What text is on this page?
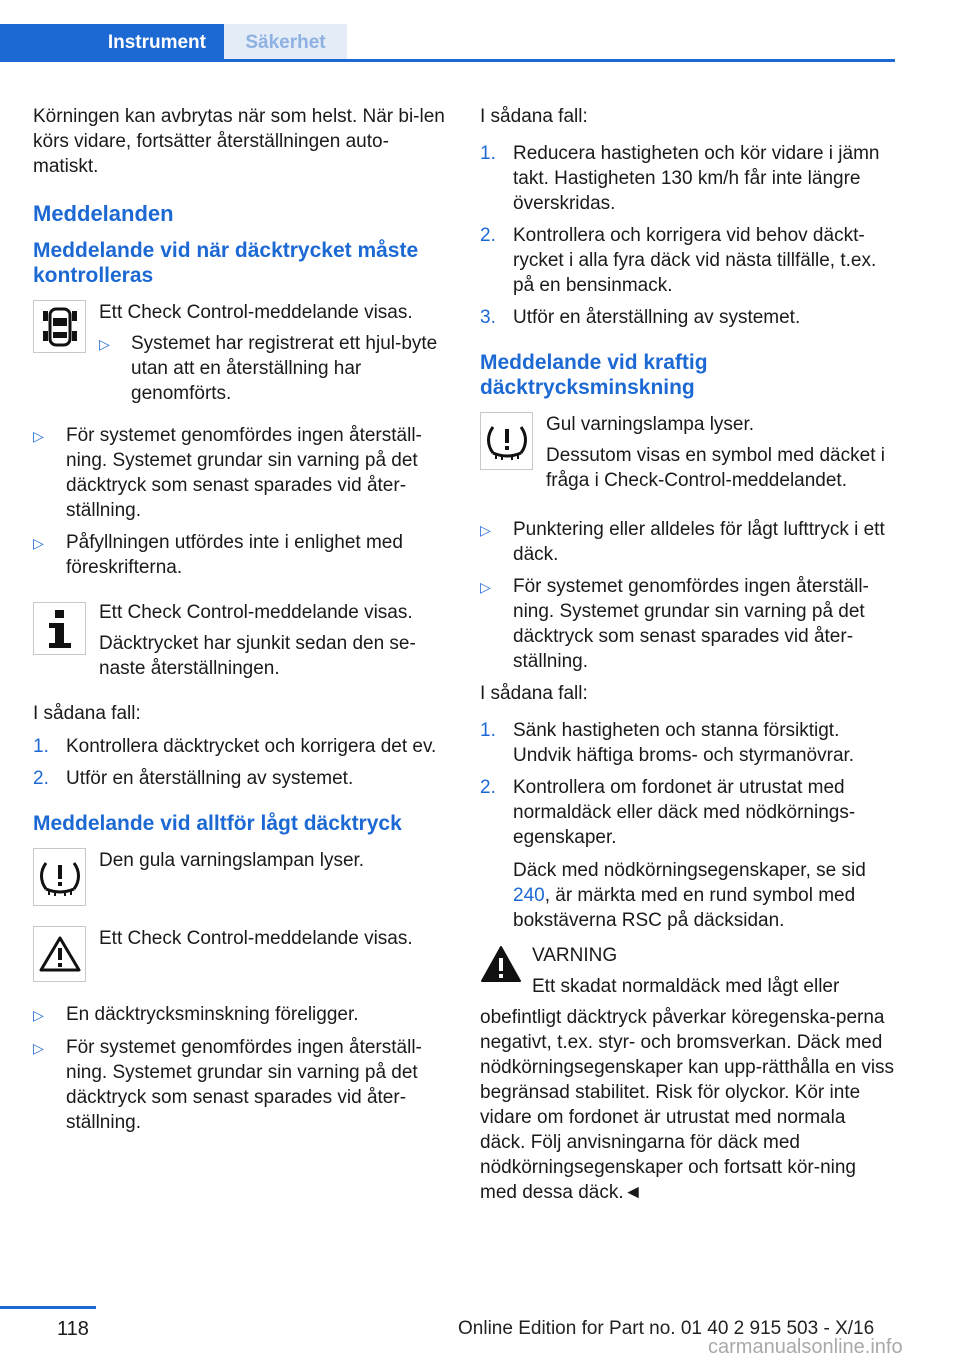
Instrument	Säkerhet

Körningen kan avbrytas när som helst. När bi-len körs vidare, fortsätter återställningen auto-matiskt.

Meddelanden
Meddelande vid när däcktrycket måste kontrolleras

Ett Check Control-meddelande visas.

▷	Systemet har registrerat ett hjul-byte utan att en återställning har genomförts.
▷	För systemet genomfördes ingen återställ-ning. Systemet grundar sin varning på det däcktryck som senast sparades vid åter-ställning.
▷	Påfyllningen utfördes inte i enlighet med föreskrifterna.

Ett Check Control-meddelande visas.

Däcktrycket har sjunkit sedan den se-naste återställningen.

I sådana fall:

1. Kontrollera däcktrycket och korrigera det ev.
2. Utför en återställning av systemet.
Meddelande vid alltför lågt däcktryck

Den gula varningslampan lyser.

Ett Check Control-meddelande visas.

▷	En däcktrycksminskning föreligger.
▷	För systemet genomfördes ingen återställ-ning. Systemet grundar sin varning på det däcktryck som senast sparades vid åter-ställning.

I sådana fall:

1. Reducera hastigheten och kör vidare i jämn takt. Hastigheten 130 km/h får inte längre överskridas.
2. Kontrollera och korrigera vid behov däckt-rycket i alla fyra däck vid nästa tillfälle, t.ex. på en bensinmack.
3. Utför en återställning av systemet.
Meddelande vid kraftig däcktrycksminskning

Gul varningslampa lyser.

Dessutom visas en symbol med däcket i fråga i Check-Control-meddelandet.

▷	Punktering eller alldeles för lågt lufttryck i ett däck.
▷	För systemet genomfördes ingen återställ-ning. Systemet grundar sin varning på det däcktryck som senast sparades vid åter-ställning.

I sådana fall:

1. Sänk hastigheten och stanna försiktigt. Undvik häftiga broms- och styrmanövrar.
2. Kontrollera om fordonet är utrustat med normaldäck eller däck med nödkörnings-egenskaper.

Däck med nödkörningsegenskaper, se sid 240, är märkta med en rund symbol med bokstäverna RSC på däcksidan.

VARNING

Ett skadat normaldäck med lågt eller

obefintligt däcktryck påverkar köregenska-perna negativt, t.ex. styr- och bromsverkan. Däck med nödkörningsegenskaper kan upp-rätthålla en viss begränsad stabilitet. Risk för olyckor. Kör inte vidare om fordonet är utrustat med normala däck. Följ anvisningarna för däck med nödkörningsegenskaper och fortsatt kör-ning med dessa däck.◄

118	Online Edition for Part no. 01 40 2 915 503 - X/16
carmanualsonline.info
